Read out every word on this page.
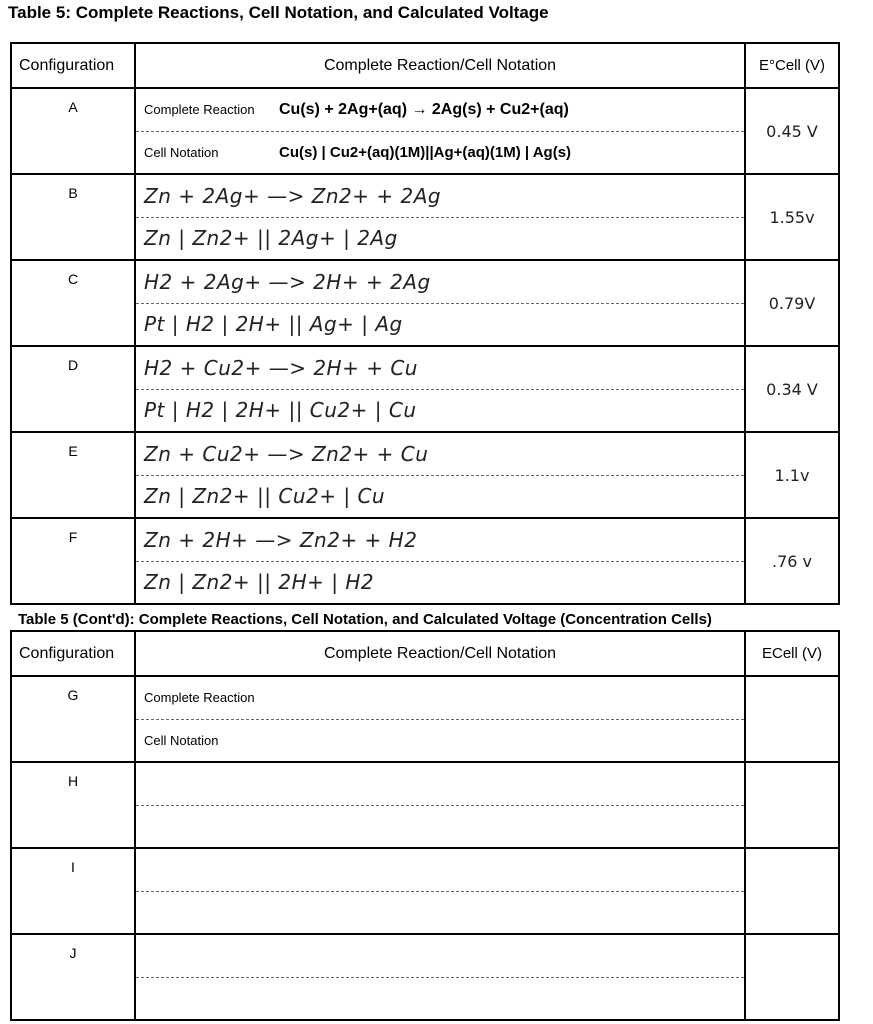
Table 5: Complete Reactions, Cell Notation, and Calculated Voltage
Configuration	Complete Reaction/Cell Notation	E°Cell (V)

A	Complete Reaction Cu(s) + 2Ag+(aq) → 2Ag(s) + Cu2+(aq)
Cell Notation Cu(s) | Cu2+(aq)(1M)||Ag+(aq)(1M) | Ag(s)	0.45 V

B	Zn + 2Ag+ —> Zn2+ + 2Ag
Zn | Zn2+ || 2Ag+ | 2Ag	1.55v

C	H2 + 2Ag+ —> 2H+ + 2Ag
Pt | H2 | 2H+ || Ag+ | Ag	0.79V

D	H2 + Cu2+ —> 2H+ + Cu
Pt | H2 | 2H+ || Cu2+ | Cu	0.34 V

E	Zn + Cu2+ —> Zn2+ + Cu
Zn | Zn2+ || Cu2+ | Cu	1.1v

F	Zn + 2H+ —> Zn2+ + H2
Zn | Zn2+ || 2H+ | H2	.76 v
Table 5 (Cont'd): Complete Reactions, Cell Notation, and Calculated Voltage (Concentration Cells)
Configuration	Complete Reaction/Cell Notation	ECell (V)

G	Complete Reaction
Cell Notation	

H		

I		

J		
